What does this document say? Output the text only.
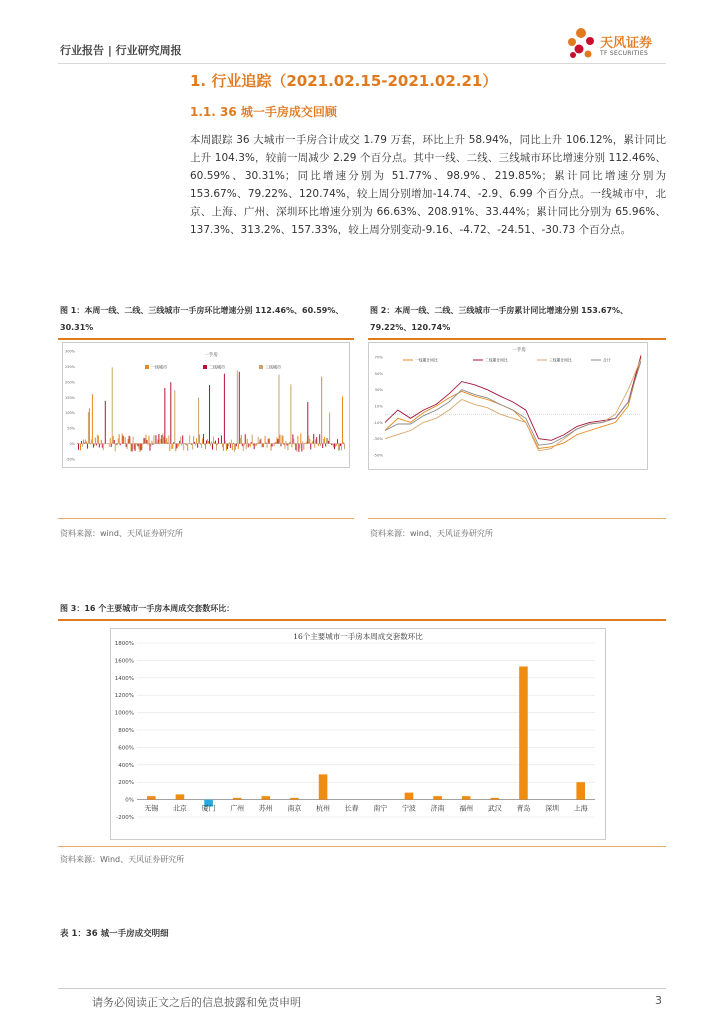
行业报告 | 行业研究周报	天风证券
TF SECURITIES
1. 行业追踪（2021.02.15-2021.02.21）
1.1. 36 城一手房成交回顾
本周跟踪 36 大城市一手房合计成交 1.79 万套，环比上升 58.94%，同比上升 106.12%，累计同比上升 104.3%，较前一周减少 2.29 个百分点。其中一线、二线、三线城市环比增速分别 112.46%、60.59%、30.31%；同比增速分别为 51.77%、98.9%、219.85%；累计同比增速分别为 153.67%、79.22%、120.74%，较上周分别增加-14.74、-2.9、6.99 个百分点。一线城市中，北京、上海、广州、深圳环比增速分别为 66.63%、208.91%、33.44%；累计同比分别为 65.96%、137.3%、313.2%、157.33%，较上周分别变动-9.16、-4.72、-24.51、-30.73 个百分点。
图 1：本周一线、二线、三线城市一手房环比增速分别 112.46%、60.59%、30.31%
300%
250%
200%
150%
100%
50%
0%
-50%
一手房
一线城市	二线城市	三线城市
资料来源：wind、天风证券研究所
图 2：本周一线、二线、三线城市一手房累计同比增速分别 153.67%、79.22%、120.74%
70%
50%
30%
10%
-10%
-30%
-50%
一手房
一线累计同比	二线累计同比	三线累计同比	合计
资料来源：wind、天风证券研究所
图 3：16 个主要城市一手房本周成交套数环比：
16个主要城市一手房本周成交套数环比
1800%
1600%
1400%
1200%
1000%
800%
600%
400%
200%
0%
-200%
无锡 北京 厦门 广州 苏州 南京 杭州 长春 南宁 宁波 济南 福州 武汉 青岛 深圳 上海
资料来源：Wind、天风证券研究所
表 1：36 城一手房成交明细
请务必阅读正文之后的信息披露和免责申明	3
